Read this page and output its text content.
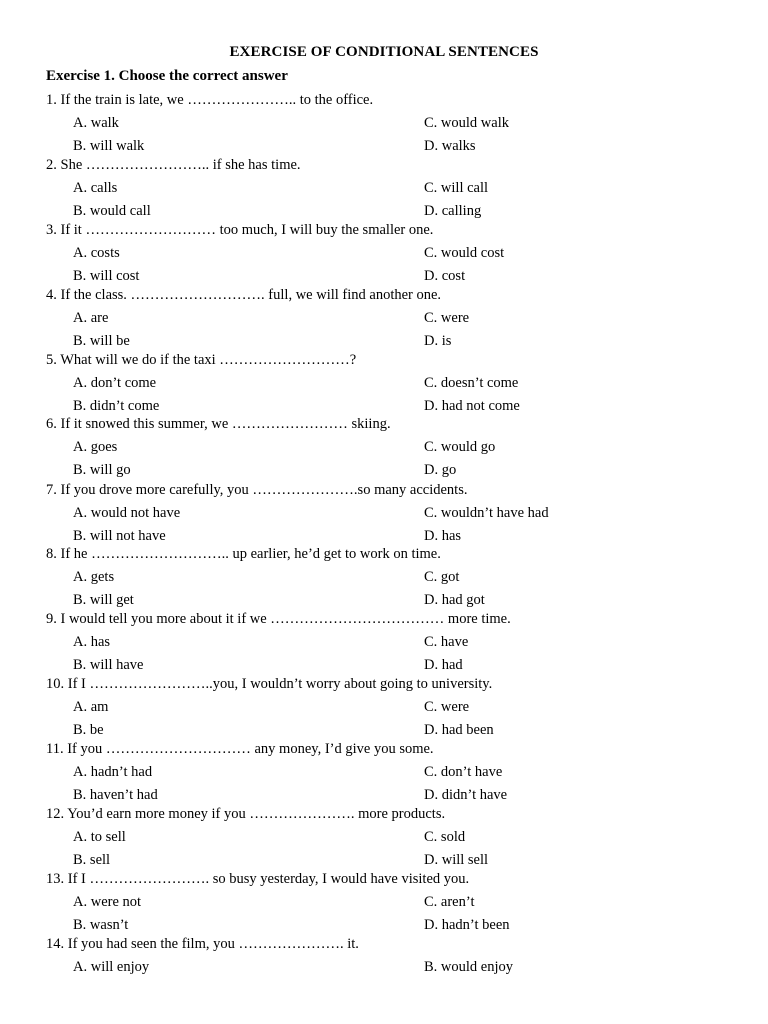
EXERCISE OF CONDITIONAL SENTENCES
Exercise 1. Choose the correct answer
1. If the train is late, we ………………….. to the office.
A. walk	C. would walk
B. will walk	D. walks
2. She …………………….. if she has time.
A. calls	C. will call
B. would call	D. calling
3. If it ……………………… too much, I will buy the smaller one.
A. costs	C. would cost
B. will cost	D. cost
4. If the class. ………………………. full, we will find another one.
A. are	C. were
B. will be	D. is
5. What will we do if the taxi ………………………?
A. don’t come	C. doesn’t come
B. didn’t come	D. had not come
6. If it snowed this summer, we …………………… skiing.
A. goes	C. would go
B. will go	D. go
7. If you drove more carefully, you ………………….so many accidents.
A. would not have	C. wouldn’t have had
B. will not have	D. has
8. If he ……………………….. up earlier, he’d get to work on time.
A. gets	C. got
B. will get	D. had got
9. I would tell you more about it if we ……………………………… more time.
A. has	C. have
B. will have	D. had
10. If I ……………………..you, I wouldn’t worry about going to university.
A. am	C. were
B. be	D. had been
11. If you ………………………… any money, I’d give you some.
A. hadn’t had	C. don’t have
B. haven’t had	D. didn’t have
12. You’d earn more money if you …………………. more products.
A. to sell	C. sold
B. sell	D. will sell
13. If I ……………………. so busy yesterday, I would have visited you.
A. were not	C. aren’t
B. wasn’t	D. hadn’t been
14. If you had seen the film, you …………………. it.
A. will enjoy	B. would enjoy
